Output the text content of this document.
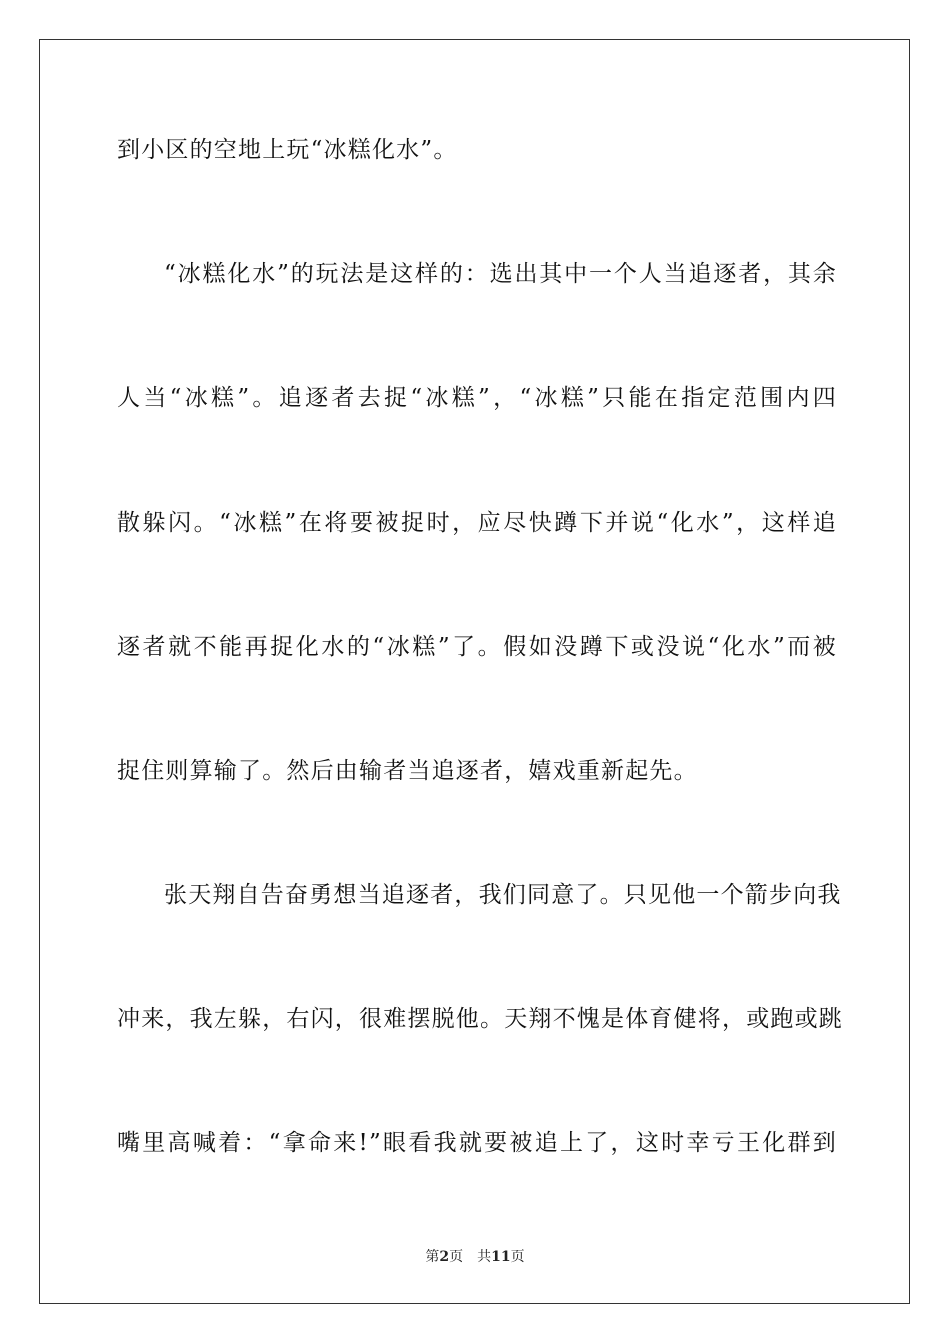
到小区的空地上玩“冰糕化水”。
“冰糕化水”的玩法是这样的：选出其中一个人当追逐者，其余
人当“冰糕”。追逐者去捉“冰糕”，“冰糕”只能在指定范围内四
散躲闪。“冰糕”在将要被捉时，应尽快蹲下并说“化水”，这样追
逐者就不能再捉化水的“冰糕”了。假如没蹲下或没说“化水”而被
捉住则算输了。然后由输者当追逐者，嬉戏重新起先。
张天翔自告奋勇想当追逐者，我们同意了。只见他一个箭步向我
冲来，我左躲，右闪，很难摆脱他。天翔不愧是体育健将，或跑或跳
嘴里高喊着：“拿命来!”眼看我就要被追上了，这时幸亏王化群到
第2页 共11页
